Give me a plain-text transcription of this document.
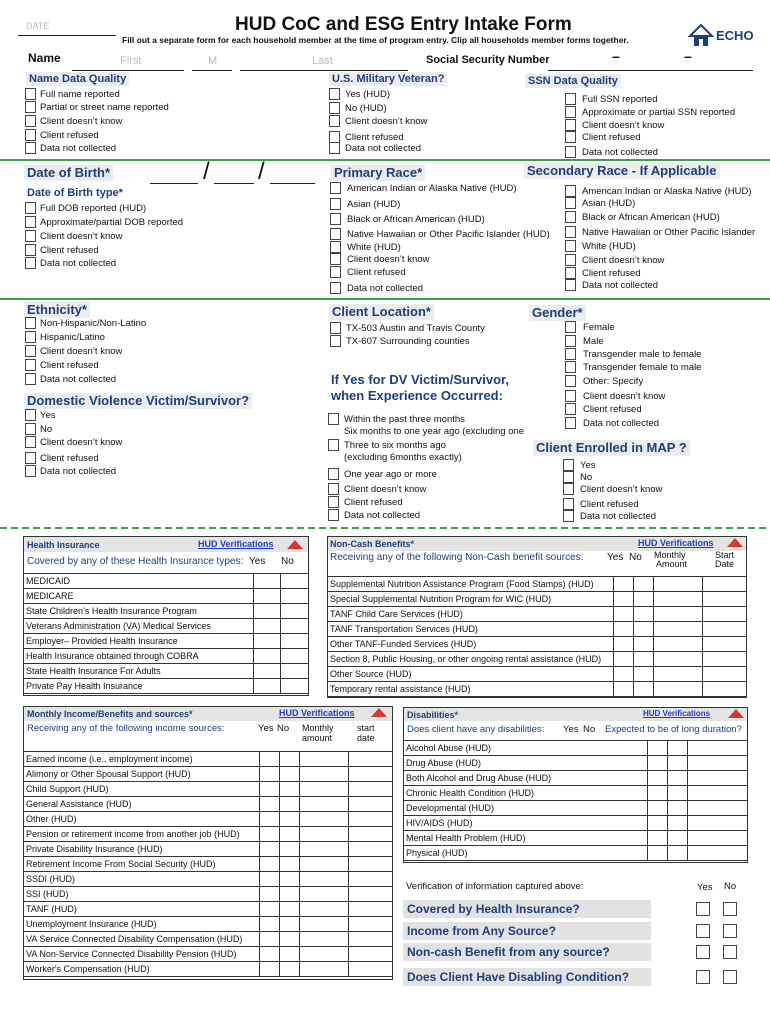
DATE	HUD CoC and ESG Entry Intake Form
Fill out a separate form for each household member at the time of program entry. Clip all households member forms together.	ECHO
Name	First	M	Last	Social Security Number	–	–
Name Data Quality	U.S. Military Veteran?	SSN Data Quality
Date of Birth*	/ /
Date of Birth type*
Primary Race*	Secondary Race - If Applicable
Ethnicity*	Client Location*	Gender*
Domestic Violence Victim/Survivor?
If Yes for DV Victim/Survivor,
when Experience Occurred:
Client Enrolled in MAP ?
Full name reported
Partial or street name reported
Client doesn’t know
Client refused
Data not collected
Yes (HUD)
No (HUD)
Client doesn’t know
Client refused
Data not collected
Full SSN reported
Approximate or partial SSN reported
Client doesn’t know
Client refused
Data not collected
Full DOB reported (HUD)
Approximate/partial DOB reported
Client doesn’t know
Client refused
Data not collected
American Indian or Alaska Native (HUD)
Asian (HUD)
Black or African American (HUD)
Native Hawaiian or Other Pacific Islander (HUD)
White (HUD)
Client doesn’t know
Client refused
Data not collected
American Indian or Alaska Native (HUD)
Asian (HUD)
Black or African American (HUD)
Native Hawaiian or Other Pacific Islander
White (HUD)
Client doesn’t know
Client refused
Data not collected
Non-Hispanic/Non-Latino
Hispanic/Latino
Client doesn’t know
Client refused
Data not collected
TX-503 Austin and Travis County
TX-607 Surrounding counties
Female
Male
Transgender male to female
Transgender female to male
Other: Specify
Client doesn’t know
Client refused
Data not collected
Yes
No
Client doesn’t know
Client refused
Data not collected
Yes
No
Client doesn’t know
Client refused
Data not collected
Within the past three months
Six months to one year ago (excluding one
Three to six months ago
(excluding 6months exactly)
One year ago or more
Client doesn’t know
Client refused
Data not collected
Health Insurance	HUD Verifications
Covered by any of these Health Insurance types: Yes No
MEDICAID		
MEDICARE		
State Children’s Health Insurance Program		
Veterans Administration (VA) Medical Services		
Employer– Provided Health Insurance		
Health Insurance obtained through COBRA		
State Health Insurance For Adults		
Private Pay Health Insurance		
Non-Cash Benefits*	HUD Verifications
Receiving any of the following Non-Cash benefit sources: Yes No Monthly
Amount
Start
Date
Supplemental Nutrition Assistance Program (Food Stamps) (HUD)				
Special Supplemental Nutrition Program for WIC (HUD)				
TANF Child Care Services (HUD)				
TANF Transportation Services (HUD)				
Other TANF-Funded Services (HUD)				
Section 8, Public Housing, or other ongoing rental assistance (HUD)				
Other Source (HUD)				
Temporary rental assistance (HUD)				
Monthly Income/Benefits and sources*	HUD Verifications
Receiving any of the following income sources:	Yes No Monthly
amount
start
date
Earned income (i.e., employment income)				
Alimony or Other Spousal Support (HUD)				
Child Support (HUD)				
General Assistance (HUD)				
Other (HUD)				
Pension or retirement income from another job (HUD)				
Private Disability Insurance (HUD)				
Retirement Income From Social Security (HUD)				
SSDI (HUD)				
SSI (HUD)				
TANF (HUD)				
Unemployment Insurance (HUD)				
VA Service Connected Disability Compensation (HUD)				
VA Non-Service Connected Disability Pension (HUD)				
Worker's Compensation (HUD)				
Disabilities*	HUD Verifications
Does client have any disabilities: Yes No Expected to be of long duration?
Alcohol Abuse (HUD)			
Drug Abuse (HUD)			
Both Alcohol and Drug Abuse (HUD)			
Chronic Health Condition (HUD)			
Developmental (HUD)			
HIV/AIDS (HUD)			
Mental Health Problem (HUD)			
Physical (HUD)			
Verification of information captured above:	Yes No
Covered by Health Insurance?
Income from Any Source?
Non-cash Benefit from any source?
Does Client Have Disabling Condition?
